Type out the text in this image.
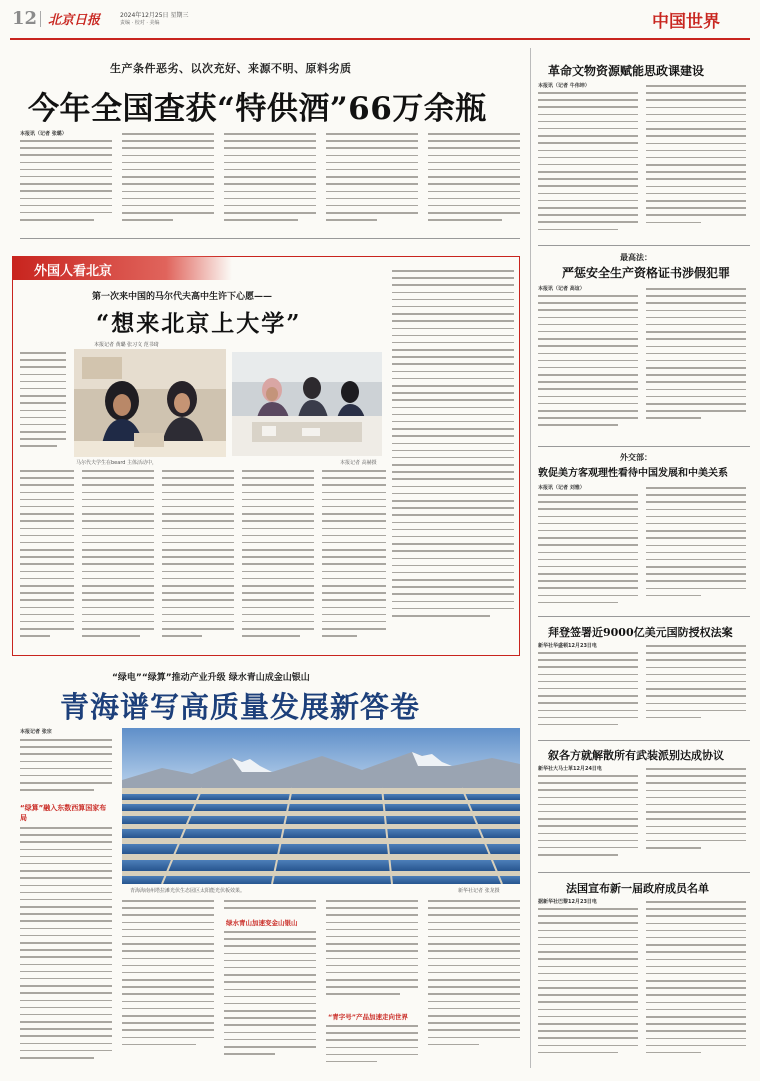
12 北京日报	2024年12月25日 星期三
责编 · 校对 · 美编	中国世界
生产条件恶劣、以次充好、来源不明、原料劣质
今年全国查获“特供酒”66万余瓶
本报讯（记者 张璐）
外国人看北京
第一次来中国的马尔代夫高中生许下心愿——
“想来北京上大学”
本报记者 黄璐 张习文 范书琦
马尔代夫学生在beard 主体活动中，	本报记者 高赫摄
“绿电”“绿算”推动产业升级 绿水青山成金山银山
青海谱写高质量发展新答卷
本报记者 张宗
“绿算”融入东数西算国家布局
青海海南州塔拉滩光伏生态园区太阳能光伏板效果。	新华社记者 张龙摄
绿水青山加速变金山银山
“青字号”产品加速走向世界
革命文物资源赋能思政课建设
本报讯（记者 牛伟坤）
最高法：
严惩安全生产资格证书涉假犯罪
本报讯（记者 高谊）
外交部：
敦促美方客观理性看待中国发展和中美关系
本报讯（记者 刘雅）
拜登签署近9000亿美元国防授权法案
新华社华盛顿12月23日电
叙各方就解散所有武装派别达成协议
新华社大马士革12月24日电
法国宣布新一届政府成员名单
据新华社巴黎12月23日电
